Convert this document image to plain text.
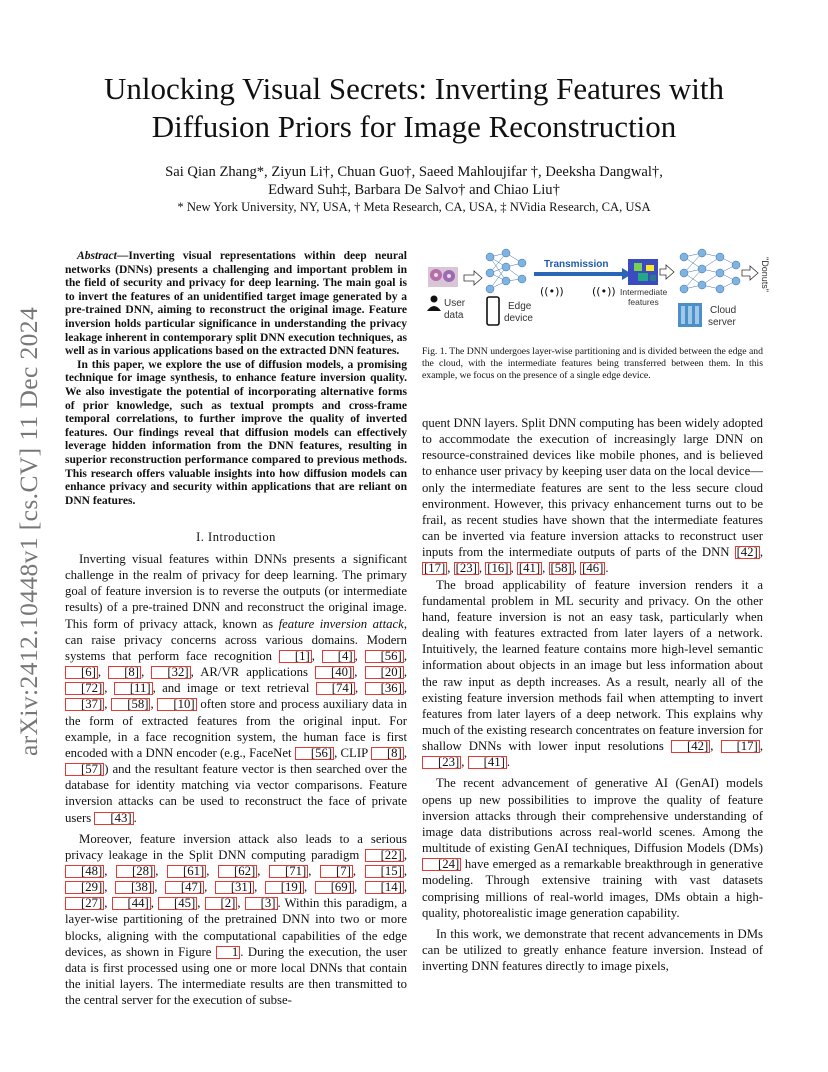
arXiv:2412.10448v1 [cs.CV] 11 Dec 2024
Unlocking Visual Secrets: Inverting Features with
Diffusion Priors for Image Reconstruction
Sai Qian Zhang*, Ziyun Li†, Chuan Guo†, Saeed Mahloujifar †, Deeksha Dangwal†,
Edward Suh‡, Barbara De Salvo† and Chiao Liu†
* New York University, NY, USA, † Meta Research, CA, USA, ‡ NVidia Research, CA, USA

Abstract—Inverting visual representations within deep neural networks (DNNs) presents a challenging and important problem in the field of security and privacy for deep learning. The main goal is to invert the features of an unidentified target image generated by a pre-trained DNN, aiming to reconstruct the original image. Feature inversion holds particular significance in understanding the privacy leakage inherent in contemporary split DNN execution techniques, as well as in various applications based on the extracted DNN features.

In this paper, we explore the use of diffusion models, a promising technique for image synthesis, to enhance feature inversion quality. We also investigate the potential of incorporating alternative forms of prior knowledge, such as textual prompts and cross-frame temporal correlations, to further improve the quality of inverted features. Our findings reveal that diffusion models can effectively leverage hidden information from the DNN features, resulting in superior reconstruction performance compared to previous methods. This research offers valuable insights into how diffusion models can enhance privacy and security within applications that are reliant on DNN features.

I. Introduction

Inverting visual features within DNNs presents a significant challenge in the realm of privacy for deep learning. The primary goal of feature inversion is to reverse the outputs (or intermediate results) of a pre-trained DNN and reconstruct the original image. This form of privacy attack, known as feature inversion attack, can raise privacy concerns across various domains. Modern systems that perform face recognition [1] , [4] , [56] , [6] , [8] , [32] , AR/VR applications [40] , [20] , [72] , [11] , and image or text retrieval [74] , [36] , [37] , [58] , [10] often store and process auxiliary data in the form of extracted features from the original input. For example, in a face recognition system, the human face is first encoded with a DNN encoder (e.g., FaceNet [56] , CLIP [8] , [57] ) and the resultant feature vector is then searched over the database for identity matching via vector comparisons. Feature inversion attacks can be used to reconstruct the face of private users [43] .

Moreover, feature inversion attack also leads to a serious privacy leakage in the Split DNN computing paradigm [22] , [48] , [28] , [61] , [62] , [71] , [7] , [15] , [29] , [38] , [47] , [31] , [19] , [69] , [14] , [27] , [44] , [45] , [2] , [3] . Within this paradigm, a layer-wise partitioning of the pretrained DNN into two or more blocks, aligning with the computational capabilities of the edge devices, as shown in Figure 1 . During the execution, the user data is first processed using one or more local DNNs that contain the initial layers. The intermediate results are then transmitted to the central server for the execution of subse-

User
data
Edge
device
((•))	((•))
Transmission
Intermediate
features
"Donuts"
Cloud
server
Fig. 1. The DNN undergoes layer-wise partitioning and is divided between the edge and the cloud, with the intermediate features being transferred between them. In this example, we focus on the presence of a single edge device.

quent DNN layers. Split DNN computing has been widely adopted to accommodate the execution of increasingly large DNN on resource-constrained devices like mobile phones, and is believed to enhance user privacy by keeping user data on the local device—only the intermediate features are sent to the less secure cloud environment. However, this privacy enhancement turns out to be frail, as recent studies have shown that the intermediate features can be inverted via feature inversion attacks to reconstruct user inputs from the intermediate outputs of parts of the DNN [42] , [17] , [23] , [16] , [41] , [58] , [46] .

The broad applicability of feature inversion renders it a fundamental problem in ML security and privacy. On the other hand, feature inversion is not an easy task, particularly when dealing with features extracted from later layers of a network. Intuitively, the learned feature contains more high-level semantic information about objects in an image but less information about the raw input as depth increases. As a result, nearly all of the existing feature inversion methods fail when attempting to invert features from later layers of a deep network. This explains why much of the existing research concentrates on feature inversion for shallow DNNs with lower input resolutions [42] , [17] , [23] , [41] .

The recent advancement of generative AI (GenAI) models opens up new possibilities to improve the quality of feature inversion attacks through their comprehensive understanding of image data distributions across real-world scenes. Among the multitude of existing GenAI techniques, Diffusion Models (DMs) [24] have emerged as a remarkable breakthrough in generative modeling. Through extensive training with vast datasets comprising millions of real-world images, DMs obtain a high-quality, photorealistic image generation capability.

In this work, we demonstrate that recent advancements in DMs can be utilized to greatly enhance feature inversion. Instead of inverting DNN features directly to image pixels,
